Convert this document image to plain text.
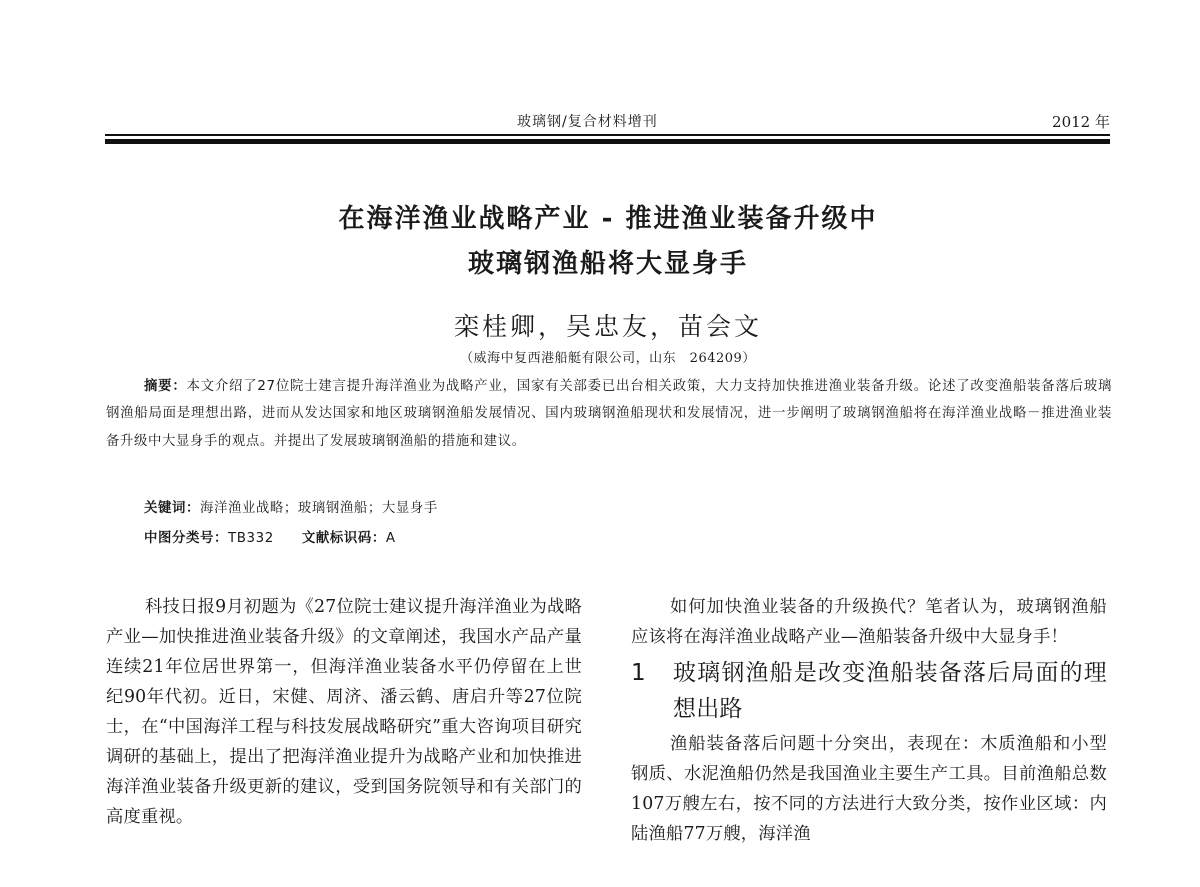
玻璃钢/复合材料增刊	2012 年
在海洋渔业战略产业 - 推进渔业装备升级中
玻璃钢渔船将大显身手
栾桂卿，吴忠友，苗会文
（威海中复西港船艇有限公司，山东　264209）

摘要：本文介绍了27位院士建言提升海洋渔业为战略产业，国家有关部委已出台相关政策，大力支持加快推进渔业装备升级。论述了改变渔船装备落后玻璃钢渔船局面是理想出路，进而从发达国家和地区玻璃钢渔船发展情况、国内玻璃钢渔船现状和发展情况，进一步阐明了玻璃钢渔船将在海洋渔业战略－推进渔业装备升级中大显身手的观点。并提出了发展玻璃钢渔船的措施和建议。

关键词：海洋渔业战略；玻璃钢渔船；大显身手
中图分类号：TB332 文献标识码：A

科技日报9月初题为《27位院士建议提升海洋渔业为战略产业—加快推进渔业装备升级》的文章阐述，我国水产品产量连续21年位居世界第一，但海洋渔业装备水平仍停留在上世纪90年代初。近日，宋健、周济、潘云鹤、唐启升等27位院士，在“中国海洋工程与科技发展战略研究”重大咨询项目研究调研的基础上，提出了把海洋渔业提升为战略产业和加快推进海洋渔业装备升级更新的建议，受到国务院领导和有关部门的高度重视。

如何加快渔业装备的升级换代？笔者认为，玻璃钢渔船应该将在海洋渔业战略产业—渔船装备升级中大显身手！

1	玻璃钢渔船是改变渔船装备落后局面的理想出路

渔船装备落后问题十分突出，表现在：木质渔船和小型钢质、水泥渔船仍然是我国渔业主要生产工具。目前渔船总数107万艘左右，按不同的方法进行大致分类，按作业区域：内陆渔船77万艘，海洋渔
